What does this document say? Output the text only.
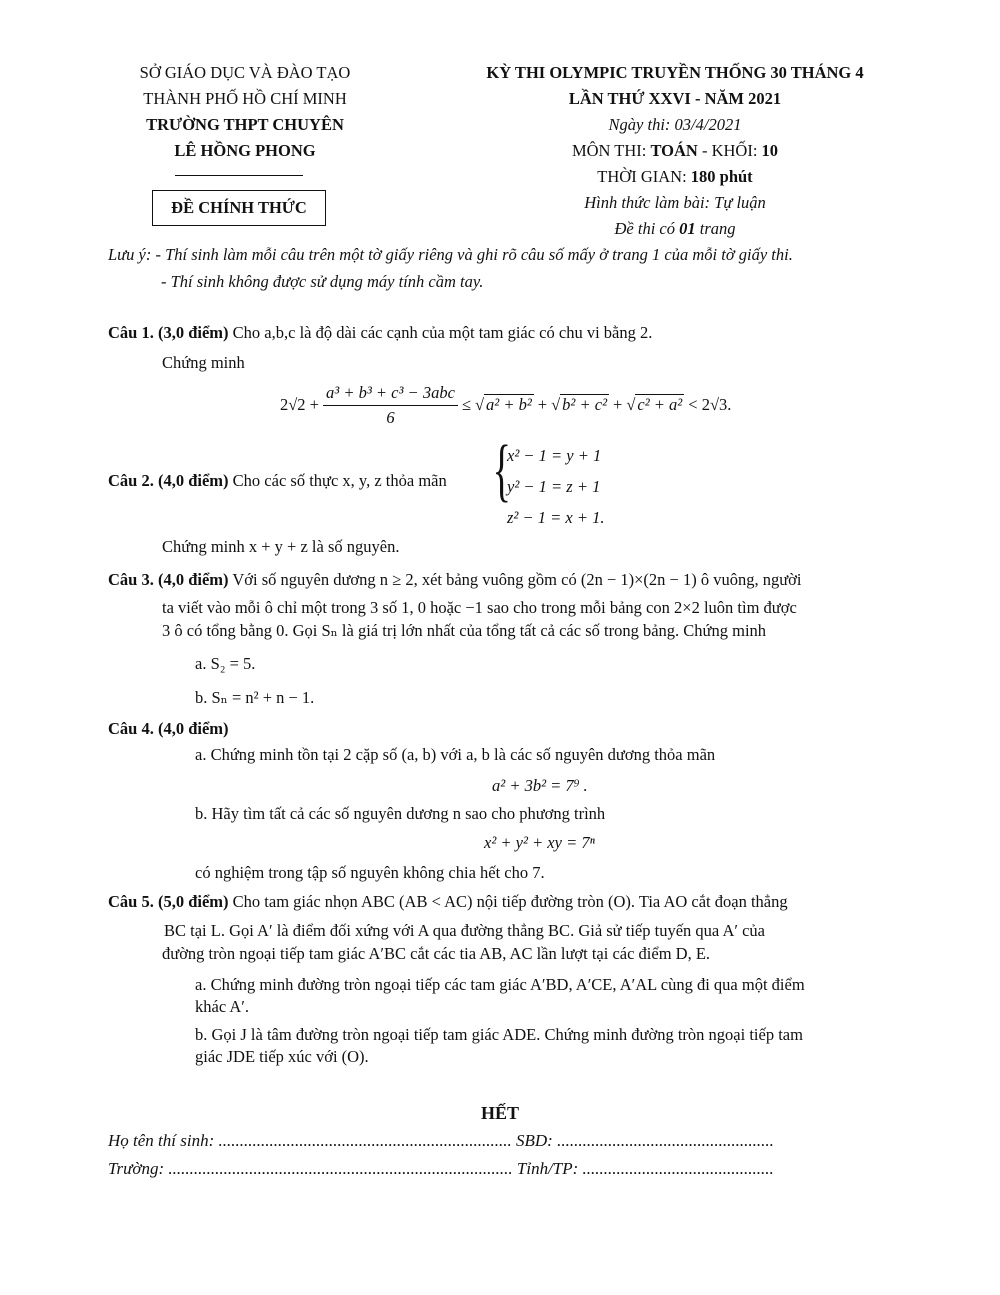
SỞ GIÁO DỤC VÀ ĐÀO TẠO
THÀNH PHỐ HỒ CHÍ MINH
TRƯỜNG THPT CHUYÊN
LÊ HỒNG PHONG
ĐỀ CHÍNH THỨC
KỲ THI OLYMPIC TRUYỀN THỐNG 30 THÁNG 4
LẦN THỨ XXVI - NĂM 2021
Ngày thi: 03/4/2021
MÔN THI: TOÁN - KHỐI: 10
THỜI GIAN: 180 phút
Hình thức làm bài: Tự luận
Đề thi có 01 trang
Lưu ý: - Thí sinh làm mỗi câu trên một tờ giấy riêng và ghi rõ câu số mấy ở trang 1 của mỗi tờ giấy thi.
- Thí sinh không được sử dụng máy tính cầm tay.
Câu 1. (3,0 điểm) Cho a,b,c là độ dài các cạnh của một tam giác có chu vi bằng 2.
Chứng minh
$2√2 + \frac{\text{a³ + b³ + c³ − 3abc}}{6}$ ≤ √ a² + b² + √ b² + c² + √ c² + a² < 2√3.
Câu 2. (4,0 điểm) Cho các số thực x, y, z thỏa mãn {
x² − 1 = y + 1
y² − 1 = z + 1
z² − 1 = x + 1.
Chứng minh x + y + z là số nguyên.
Câu 3. (4,0 điểm) Với số nguyên dương n ≥ 2, xét bảng vuông gồm có (2n − 1)×(2n − 1) ô vuông, người
ta viết vào mỗi ô chỉ một trong 3 số 1, 0 hoặc −1 sao cho trong mỗi bảng con 2×2 luôn tìm được
3 ô có tổng bằng 0. Gọi Sₙ là giá trị lớn nhất của tổng tất cả các số trong bảng. Chứng minh
a. S₂ = 5.
b. Sₙ = n² + n − 1.
Câu 4. (4,0 điểm)
a. Chứng minh tồn tại 2 cặp số (a, b) với a, b là các số nguyên dương thỏa mãn
a² + 3b² = 7⁹ .
b. Hãy tìm tất cả các số nguyên dương n sao cho phương trình
x² + y² + xy = 7ⁿ
có nghiệm trong tập số nguyên không chia hết cho 7.
Câu 5. (5,0 điểm) Cho tam giác nhọn ABC (AB < AC) nội tiếp đường tròn (O). Tia AO cắt đoạn thẳng
BC tại L. Gọi A′ là điểm đối xứng với A qua đường thẳng BC. Giả sử tiếp tuyến qua A′ của
đường tròn ngoại tiếp tam giác A′BC cắt các tia AB, AC lần lượt tại các điểm D, E.
a. Chứng minh đường tròn ngoại tiếp các tam giác A′BD, A′CE, A′AL cùng đi qua một điểm
khác A′.
b. Gọi J là tâm đường tròn ngoại tiếp tam giác ADE. Chứng minh đường tròn ngoại tiếp tam
giác JDE tiếp xúc với (O).
HẾT
Họ tên thí sinh: ..................................................................... SBD: ...................................................
Trường: ................................................................................. Tỉnh/TP: .............................................
